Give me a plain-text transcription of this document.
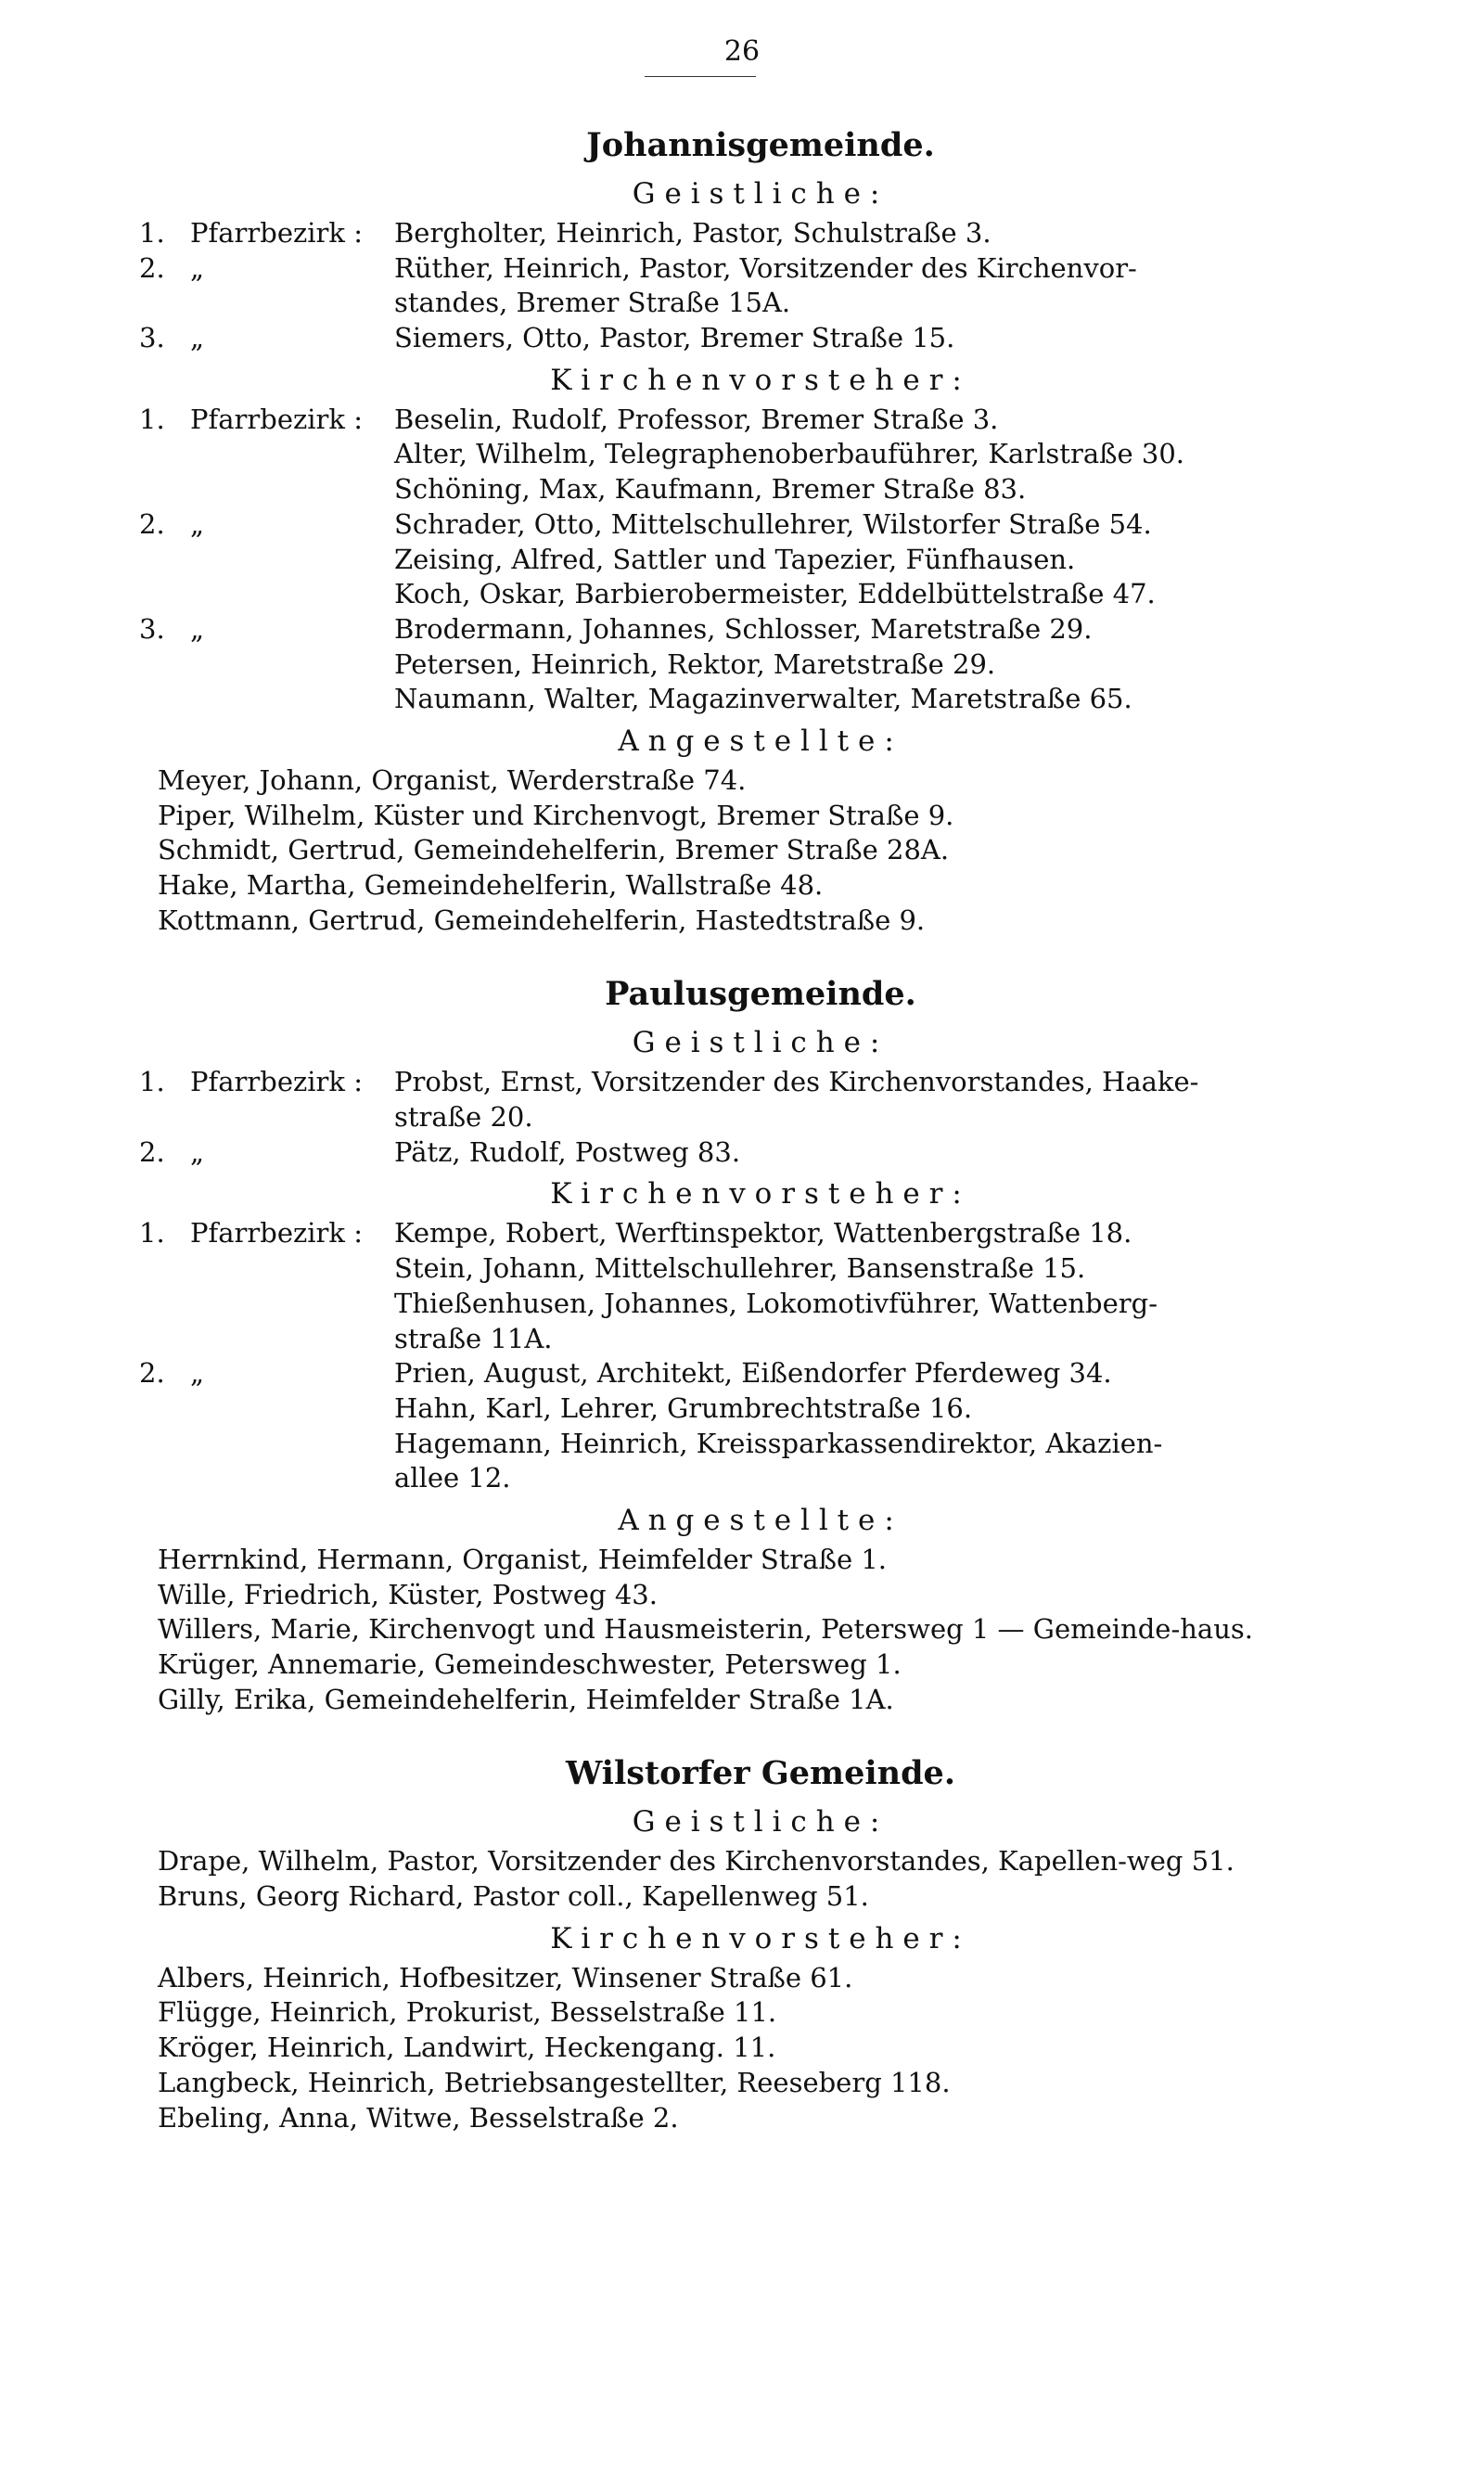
26
Johannisgemeinde.
Geistliche:
1. Pfarrbezirk :	Bergholter, Heinrich, Pastor, Schulstraße 3.
2. „	Rüther, Heinrich, Pastor, Vorsitzender des Kirchenvor-
standes, Bremer Straße 15A.
3. „	Siemers, Otto, Pastor, Bremer Straße 15.
Kirchenvorsteher:
1. Pfarrbezirk :	Beselin, Rudolf, Professor, Bremer Straße 3.
Alter, Wilhelm, Telegraphenoberbauführer, Karlstraße 30.
Schöning, Max, Kaufmann, Bremer Straße 83.
2. „	Schrader, Otto, Mittelschullehrer, Wilstorfer Straße 54.
Zeising, Alfred, Sattler und Tapezier, Fünfhausen.
Koch, Oskar, Barbierobermeister, Eddelbüttelstraße 47.
3. „	Brodermann, Johannes, Schlosser, Maretstraße 29.
Petersen, Heinrich, Rektor, Maretstraße 29.
Naumann, Walter, Magazinverwalter, Maretstraße 65.
Angestellte:
Meyer, Johann, Organist, Werderstraße 74.
Piper, Wilhelm, Küster und Kirchenvogt, Bremer Straße 9.
Schmidt, Gertrud, Gemeindehelferin, Bremer Straße 28A.
Hake, Martha, Gemeindehelferin, Wallstraße 48.
Kottmann, Gertrud, Gemeindehelferin, Hastedtstraße 9.
Paulusgemeinde.
Geistliche:
1. Pfarrbezirk :	Probst, Ernst, Vorsitzender des Kirchenvorstandes, Haake-
straße 20.
2. „	Pätz, Rudolf, Postweg 83.
Kirchenvorsteher:
1. Pfarrbezirk :	Kempe, Robert, Werftinspektor, Wattenbergstraße 18.
Stein, Johann, Mittelschullehrer, Bansenstraße 15.
Thießenhusen, Johannes, Lokomotivführer, Wattenberg-
straße 11A.
2. „	Prien, August, Architekt, Eißendorfer Pferdeweg 34.
Hahn, Karl, Lehrer, Grumbrechtstraße 16.
Hagemann, Heinrich, Kreissparkassendirektor, Akazien-
allee 12.
Angestellte:
Herrnkind, Hermann, Organist, Heimfelder Straße 1.
Wille, Friedrich, Küster, Postweg 43.
Willers, Marie, Kirchenvogt und Hausmeisterin, Petersweg 1 — Gemeinde-haus.
Krüger, Annemarie, Gemeindeschwester, Petersweg 1.
Gilly, Erika, Gemeindehelferin, Heimfelder Straße 1A.
Wilstorfer Gemeinde.
Geistliche:
Drape, Wilhelm, Pastor, Vorsitzender des Kirchenvorstandes, Kapellen-weg 51.
Bruns, Georg Richard, Pastor coll., Kapellenweg 51.
Kirchenvorsteher:
Albers, Heinrich, Hofbesitzer, Winsener Straße 61.
Flügge, Heinrich, Prokurist, Besselstraße 11.
Kröger, Heinrich, Landwirt, Heckengang. 11.
Langbeck, Heinrich, Betriebsangestellter, Reeseberg 118.
Ebeling, Anna, Witwe, Besselstraße 2.
